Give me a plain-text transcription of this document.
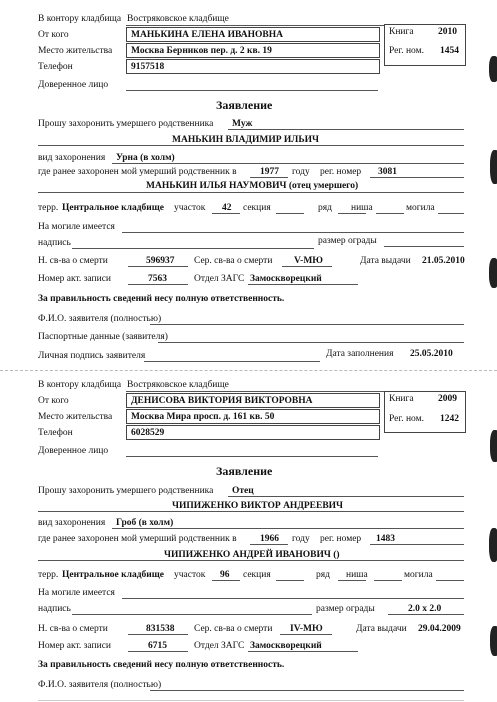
В контору кладбища Востряковское кладбище
От кого	МАНЬКИНА ЕЛЕНА ИВАНОВНА
Место жительства Москва Берников пер. д. 2 кв. 19
Телефон	9157518
Доверенное лицо
Книга	2010
Рег. ном. 1454
Заявление
Прошу захоронить умершего родственника Муж
МАНЬКИН ВЛАДИМИР ИЛЬИЧ
вид захоронения Урна (в холм)
где ранее захоронен мой умерший родственник в 1977 году рег. номер 3081
МАНЬКИН ИЛЬЯ НАУМОВИЧ (отец умершего)
терр. Центральное кладбище участок 42 секция	ряд ниша	могила
На могиле имеется
надпись	размер ограды
Н. св-ва о смерти	596937 Сер. св-ва о смерти V-МЮ	Дата выдачи 21.05.2010
Номер акт. записи	7563	Отдел ЗАГС Замоскворецкий
За правильность сведений несу полную ответственность.
Ф.И.О. заявителя (полностью)
Паспортные данные (заявителя)
Личная подпись заявителя	Дата заполнения 25.05.2010
В контору кладбища Востряковское кладбище
От кого	ДЕНИСОВА ВИКТОРИЯ ВИКТОРОВНА
Место жительства Москва Мира просп. д. 161 кв. 50
Телефон	6028529
Доверенное лицо
Книга	2009
Рег. ном. 1242
Заявление
Прошу захоронить умершего родственника Отец
ЧИПИЖЕНКО ВИКТОР АНДРЕЕВИЧ
вид захоронения Гроб (в холм)
где ранее захоронен мой умерший родственник в 1966 году рег. номер 1483
ЧИПИЖЕНКО АНДРЕЙ ИВАНОВИЧ ()
терр. Центральное кладбище участок 96 секция	ряд ниша	могила
На могиле имеется
надпись	размер ограды	2.0 x 2.0
Н. св-ва о смерти	831538 Сер. св-ва о смерти IV-МЮ	Дата выдачи 29.04.2009
Номер акт. записи	6715	Отдел ЗАГС Замоскворецкий
За правильность сведений несу полную ответственность.
Ф.И.О. заявителя (полностью)
